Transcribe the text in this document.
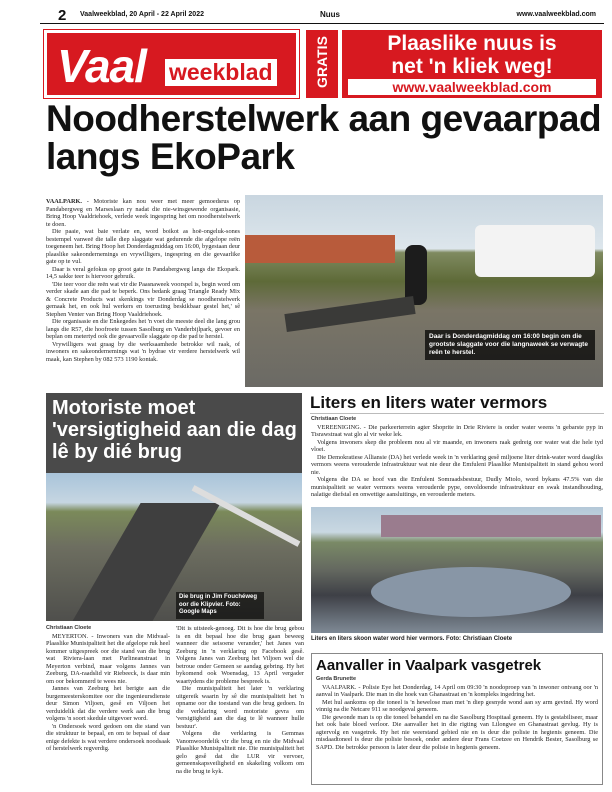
2 Vaalweekblad, 20 April - 22 April 2022	Nuus	www.vaalweekblad.com
Vaal weekblad	GRATIS	Plaaslike nuus is
net 'n kliek weg!
www.vaalweekblad.com
Noodherstelwerk aan gevaarpad langs EkoPark

VAALPARK. - Motoriste kan nou weer met meer gemoedsrus op Pandabergweg en Marseslaan ry nadat die nie-winsgewende organisasie, Bring Hoop Vaaldriehoek, verlede week ingespring het om noodherstelwerk te doen.

Die paaie, wat baie verlate en, word boikot as hoë-ongeluk-sones bestempel vanweë die talle diep slaggate wat gedurende die afgelope reën toegeneem het. Bring Hoop het Donderdagmiddag om 16:00, bygestaan deur plaaslike sakeondernemings en vrywilligers, ingespring en die gevaarlike gate op te vul.

Daar is veral gefokus op groot gate in Pandabergweg langs die Ekopark. 14,5 sakke teer is hiervoor gebruik.

'Die teer voor die reën wat vir die Paasnaweek voorspel is, begin word om verder skade aan die pad te beperk. Ons bedank graag Triangle Ready Mix & Concrete Products wat skenkings vir Donderdag se noodherstelwerk gemaak het, en ook hul werkers en toerusting beskikbaar gestel het,' sê Stephen Venter van Bring Hoop Vaaldriehoek.

Die organisasie en die Enkegedes het 'n voet die meeste deel die lang grou langs die R57, die hoofroete tussen Sasolburg en Vanderbijlpark, gevoer en beplan om metertyd ook die gevaarvolle slaggate op die pad te herstel.

Vrywilligers wat graag by die werksaamhede betrokke wil raak, of inwoners en sakeondernemings wat 'n bydrae vir verdere herstelwerk wil maak, kan Stephen by 082 573 1190 kontak.

Daar is Donderdagmiddag om 16:00 begin om die grootste slaggate voor die langnaweek se verwagte reën te herstel.
Motoriste moet 'versigtigheid aan die dag lê by dié brug
Die brug in Jim Fouchéweg oor die Klipvier. Foto: Google Maps
Christiaan Cloete

MEYERTON. - Inwoners van die Midvaal-Plaaslike Munisipaliteit het die afgelope ruk heel kommer uitgespreek oor die stand van die brug wat Riviera-laan met Parlineanstraat in Meyerton verbind, maar volgens Jannes van Zeeburg, DA-raadslid vir Riebeeck, is daar min om oor bekommerd te wees nie.

Jannes van Zeeburg het berigte aan die burgemeesterskomitee oor die ingenieursdienste deur Simon Viljoen, gesê en Viljoen het verduidelik dat die verdere werk aan die brug volgens 'n soort skedule uitgevoer word.

'n Ondersoek word gedoen om die stand van die struktuur te bepaal, en om te bepaal of daar enige defekte is wat verdere ondersoek noodsaak of herstelwerk regverdig.

'Dit is uitsteek-genoeg. Dit is hoe die brug gebou is en dit bepaal hoe die brug gaan beweeg wanneer die seisoene verander,' het Janes van Zeeburg in 'n verklaring op Facebook gesê. Volgens Janes van Zeeburg het Viljoen wel die betroue onder Gemeen se aandag gebring. Hy het bykomend ook Woensdag, 13 April vergader waartydens die probleme bespreek is.

Die munisipaliteit het later 'n verklaring uitgereik waarin hy sê die munisipaliteit het 'n opname oor die toestand van die brug gedoen. In die verklaring word motoriste gevra om 'versigtigheid aan die dag te lê wanneer hulle bestuur'.

Volgens die verklaring is Gemmas Vanomwoordelik vir die brug en nie die Midvaal Plaaslike Munisipaliteit nie. Die munisipaliteit het gelo gesê dat die LUR vir vervoer, gemeenskapsveiligheid en skakeling volkom om na die brug te kyk.

Liters en liters water vermors
Christiaan Cloete

VEREENIGING. - Die parkeerterrein agter Shoprite in Drie Riviere is onder water weens 'n gebarste pyp in Tisrawstraat wat glo al vir weke lek.

Volgens inwoners skep die probleem nou al vir maande, en inwoners raak gedreig oor water wat die hele tyd vloei.

Die Demokratiese Alliansie (DA) het verlede week in 'n verklaring gesê miljoene liter drink-water word daagliks vermors weens verouderde infrastruktuur wat nie deur die Emfuleni Plaaslike Munisipaliteit in stand gehou word nie.

Volgens die DA se hoof van die Emfuleni Somraadsbestuur, Dudly Mtolo, word bykans 47.5% van die munisipaliteit se water vermors weens verouderde pype, onvoldoende infrastruktuur en swak instandhouding, nalatige diefstal en onwettige aansluitings, en verouderde meters.

Liters en liters skoon water word hier vermors. Foto: Christiaan Cloete
Aanvaller in Vaalpark vasgetrek
Gerda Brunette

VAALPARK. - Polisie Eye het Donderdag, 14 April om 09:30 'n noodoproep van 'n inwoner ontvang oor 'n aanval in Vaalpark. Die man in die hoek van Ghanastraat en 'n kompleks ingedring het.

Met hul aankoms op die toneel is 'n hewelose man met 'n diep gesnyde wond aan sy arm gevind. Hy word vinnig na die Netcare 911 se noodgeval geneem.

Die gewonde man is op die toneel behandel en na die Sasolburg Hospitaal geneem. Hy is gestabiliseer, maar het ook baie bloed verloor. Die aanvaller het in die rigting van Lilongwe en Ghanastraat gevlug. Hy is agtervolg en vasgetrek. Hy het nie weerstand gebied nie en is deur die polisie in hegtenis geneem. Die misdaadtoneel is deur die polisie besoek, onder andere deur Frans Coetzee en Hendrik Bester, Sasolburg se SAPD. Die betrokke persoon is later deur die polisie in hegtenis geneem.
